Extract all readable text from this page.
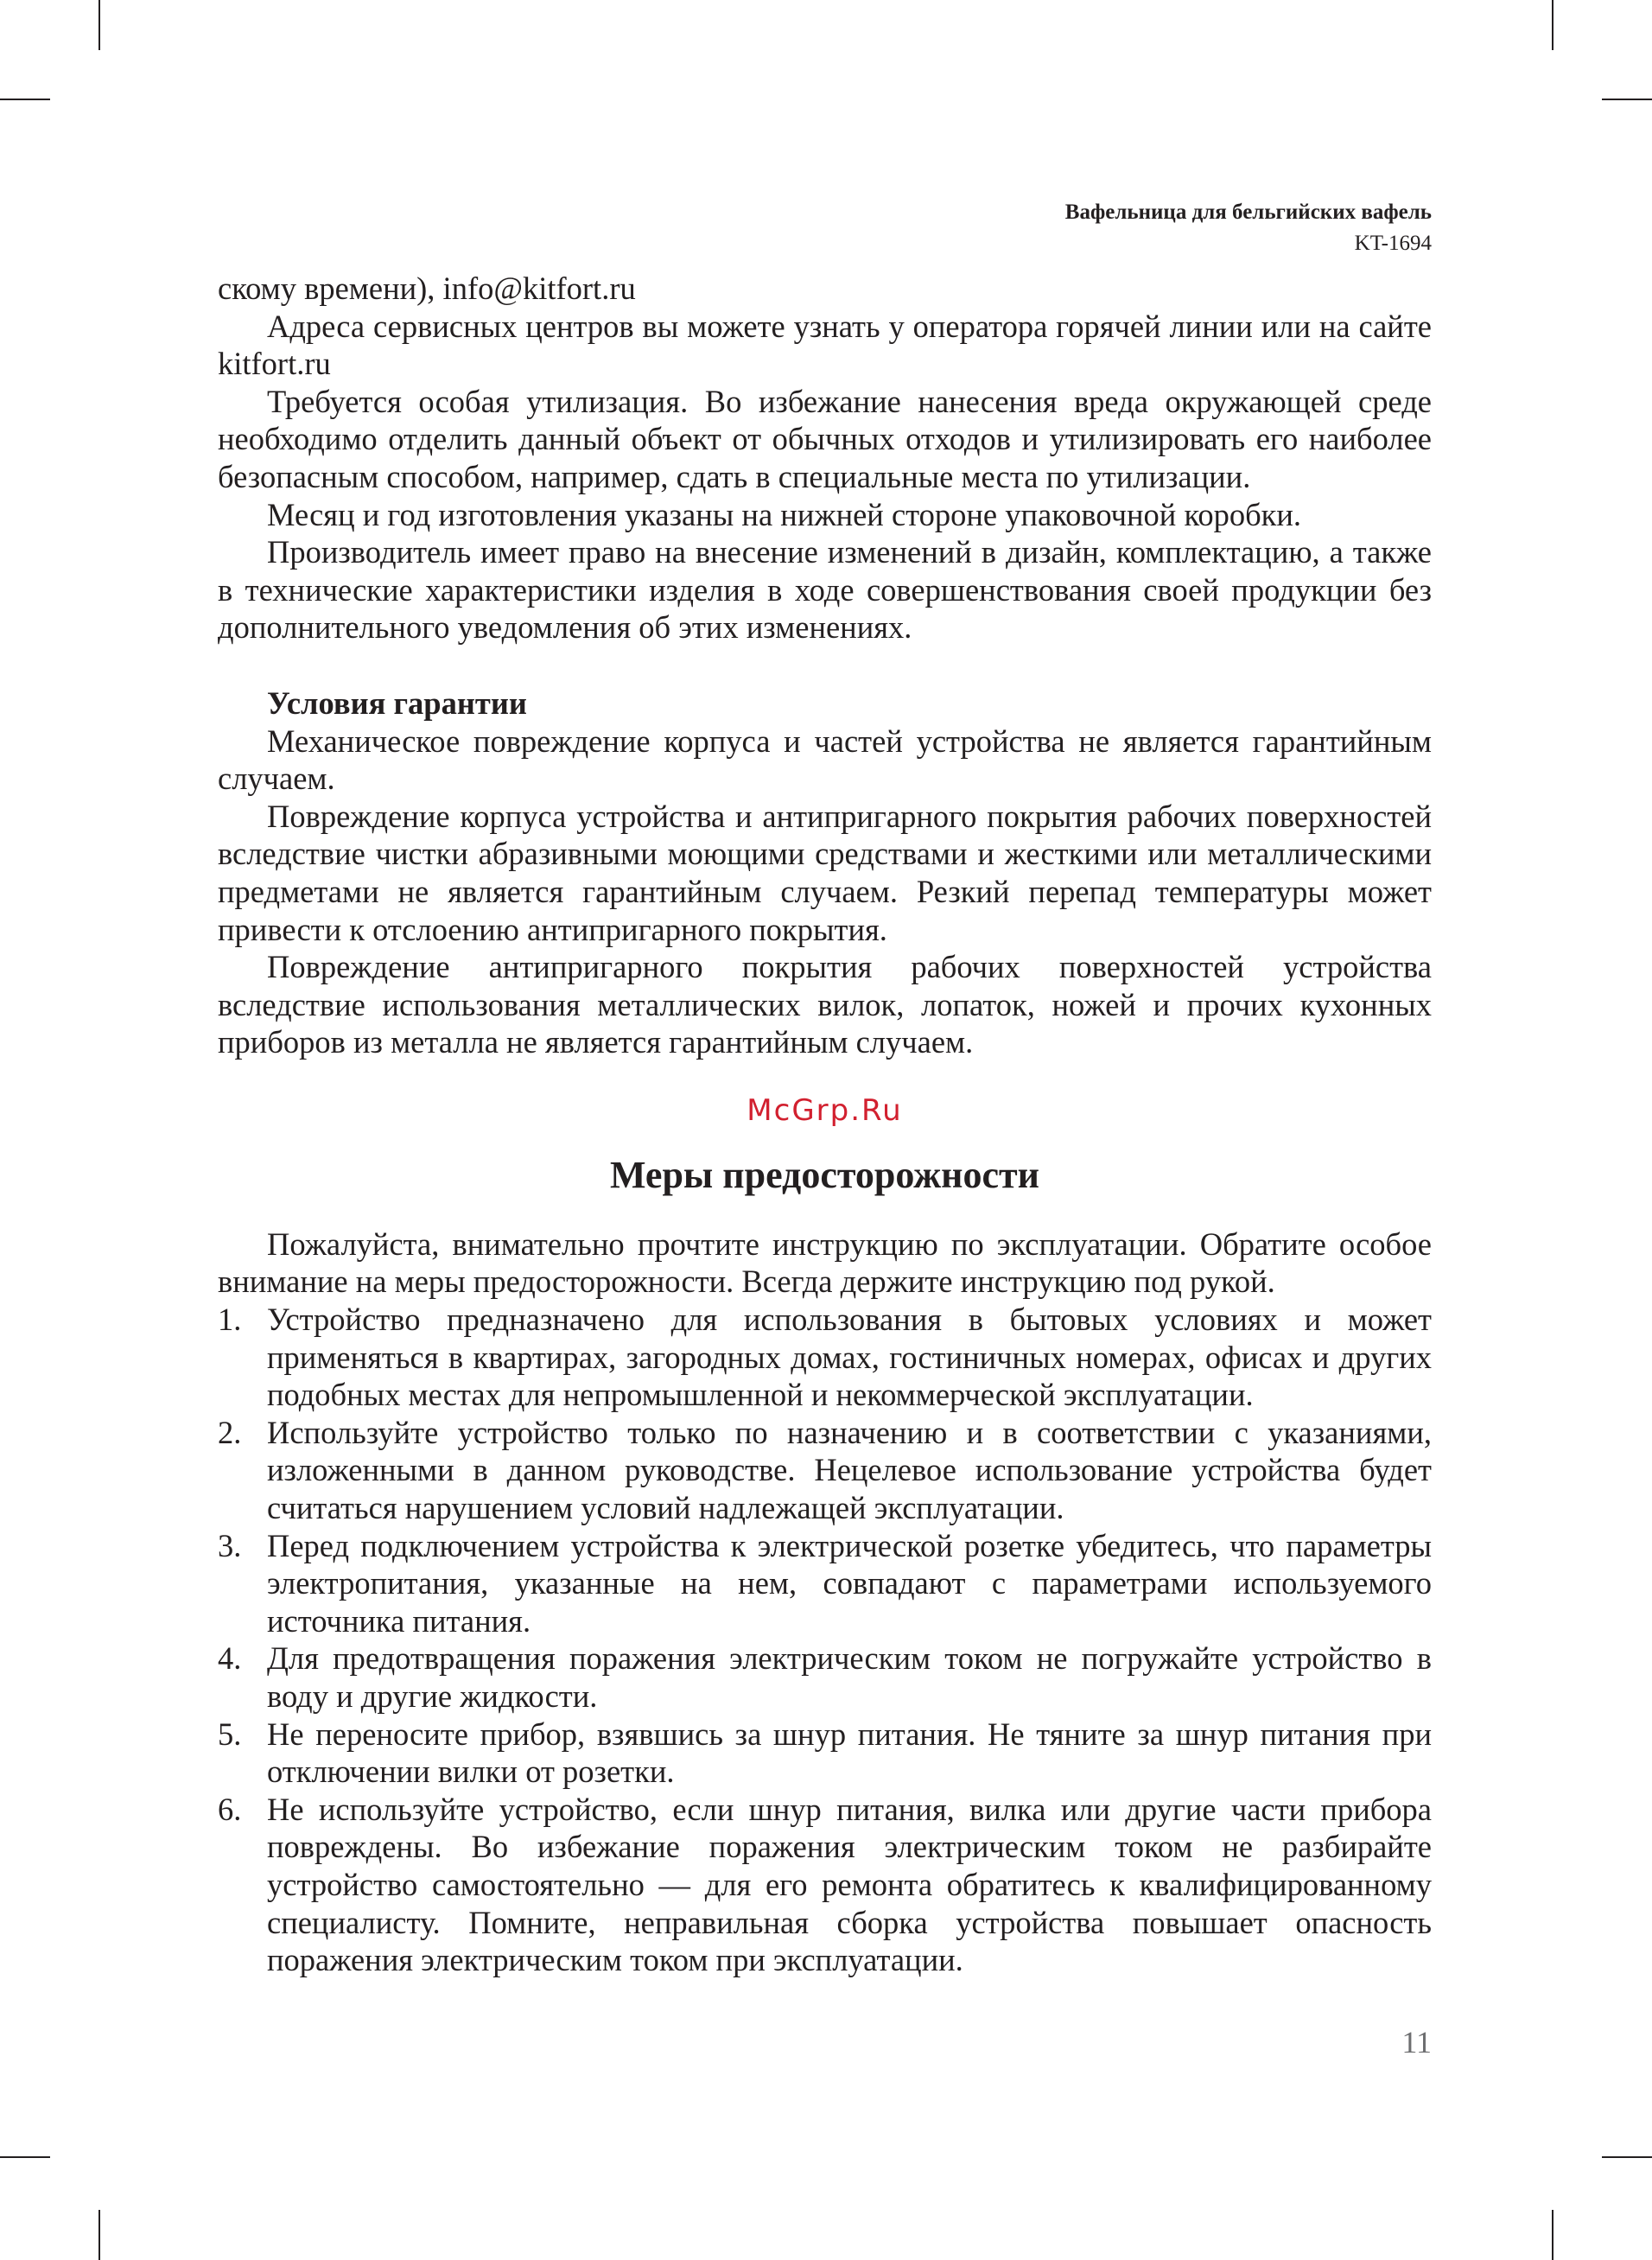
Вафельница для бельгийских вафель
KT-1694

скому времени), info@kitfort.ru

Адреса сервисных центров вы можете узнать у оператора горячей линии или на сайте kitfort.ru

Требуется особая утилизация. Во избежание нанесения вреда окружающей среде необходимо отделить данный объект от обычных отходов и утилизировать его наиболее безопасным способом, например, сдать в специальные места по утилизации.

Месяц и год изготовления указаны на нижней стороне упаковочной коробки.

Производитель имеет право на внесение изменений в дизайн, комплектацию, а также в технические характеристики изделия в ходе совершенствования своей продукции без дополнительного уведомления об этих изменениях.

Условия гарантии

Механическое повреждение корпуса и частей устройства не является гарантийным случаем.

Повреждение корпуса устройства и антипригарного покрытия рабочих поверхностей вследствие чистки абразивными моющими средствами и жесткими или металлическими предметами не является гарантийным случаем. Резкий перепад температуры может привести к отслоению антипригарного покрытия.

Повреждение антипригарного покрытия рабочих поверхностей устройства вследствие использования металлических вилок, лопаток, ножей и прочих кухонных приборов из металла не является гарантийным случаем.

McGrp.Ru
Меры предосторожности

Пожалуйста, внимательно прочтите инструкцию по эксплуатации. Обратите особое внимание на меры предосторожности. Всегда держите инструкцию под рукой.

1. Устройство предназначено для использования в бытовых условиях и может применяться в квартирах, загородных домах, гостиничных номерах, офисах и других подобных местах для непромышленной и некоммерческой эксплуатации.
2. Используйте устройство только по назначению и в соответствии с указаниями, изложенными в данном руководстве. Нецелевое использование устройства будет считаться нарушением условий надлежащей эксплуатации.
3. Перед подключением устройства к электрической розетке убедитесь, что параметры электропитания, указанные на нем, совпадают с параметрами используемого источника питания.
4. Для предотвращения поражения электрическим током не погружайте устройство в воду и другие жидкости.
5. Не переносите прибор, взявшись за шнур питания. Не тяните за шнур питания при отключении вилки от розетки.
6. Не используйте устройство, если шнур питания, вилка или другие части прибора повреждены. Во избежание поражения электрическим током не разбирайте устройство самостоятельно — для его ремонта обратитесь к квалифицированному специалисту. Помните, неправильная сборка устройства повышает опасность поражения электрическим током при эксплуатации.
11
